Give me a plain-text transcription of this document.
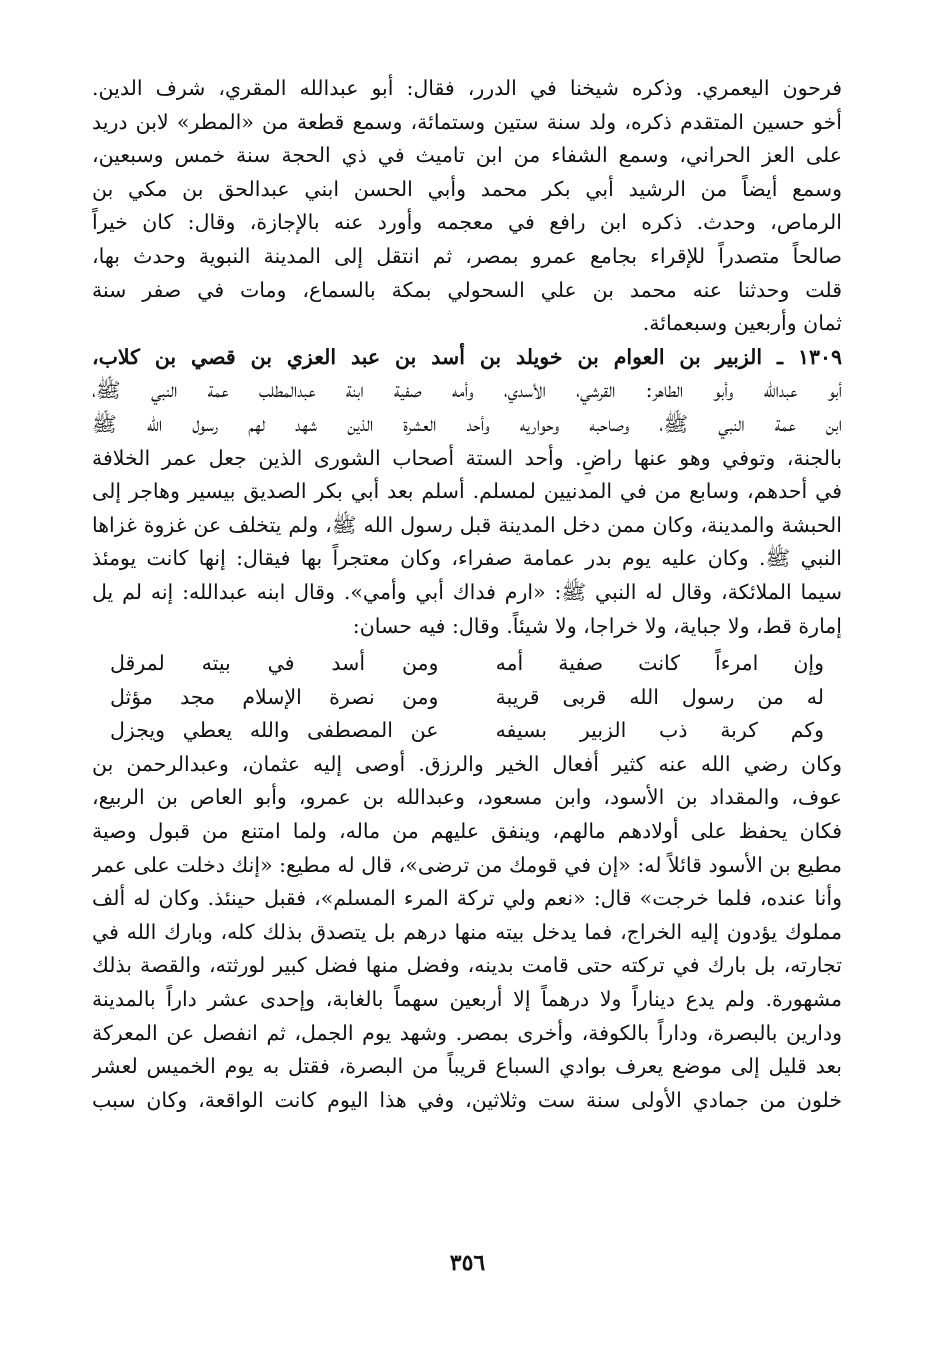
فرحون اليعمري. وذكره شيخنا في الدرر، فقال: أبو عبدالله المقري، شرف الدين.
أخو حسين المتقدم ذكره، ولد سنة ستين وستمائة، وسمع قطعة من «المطر» لابن دريد
على العز الحراني، وسمع الشفاء من ابن تاميث في ذي الحجة سنة خمس وسبعين،
وسمع أيضاً من الرشيد أبي بكر محمد وأبي الحسن ابني عبدالحق بن مكي بن
الرماص، وحدث. ذكره ابن رافع في معجمه وأورد عنه بالإجازة، وقال: كان خيراً
صالحاً متصدراً للإقراء بجامع عمرو بمصر، ثم انتقل إلى المدينة النبوية وحدث بها،
قلت وحدثنا عنه محمد بن علي السحولي بمكة بالسماع، ومات في صفر سنة
ثمان وأربعين وسبعمائة.
١٣٠٩ ـ الزبير بن العوام بن خويلد بن أسد بن عبد العزي بن قصي بن كلاب،
أبو عبدالله وأبو الطاهر: القرشي، الأسدي، وأمه صفية ابنة عبدالمطلب عمة النبي ﷺ،
ابن عمة النبي ﷺ، وصاحبه وحواريه وأحد العشرة الذين شهد لهم رسول الله ﷺ
بالجنة، وتوفي وهو عنها راضٍ. وأحد الستة أصحاب الشورى الذين جعل عمر الخلافة
في أحدهم، وسابع من في المدنيين لمسلم. أسلم بعد أبي بكر الصديق بيسير وهاجر إلى
الحبشة والمدينة، وكان ممن دخل المدينة قبل رسول الله ﷺ، ولم يتخلف عن غزوة غزاها
النبي ﷺ. وكان عليه يوم بدر عمامة صفراء، وكان معتجراً بها فيقال: إنها كانت يومئذ
سيما الملائكة، وقال له النبي ﷺ: «ارم فداك أبي وأمي». وقال ابنه عبدالله: إنه لم يل
إمارة قط، ولا جباية، ولا خراجا، ولا شيئاً. وقال: فيه حسان:
وإن امرءاً كانت صفية أمه
ومن أسد في بيته لمرقل
له من رسول الله قربى قريبة
ومن نصرة الإسلام مجد مؤثل
وكم كربة ذب الزبير بسيفه
عن المصطفى والله يعطي ويجزل
وكان رضي الله عنه كثير أفعال الخير والرزق. أوصى إليه عثمان، وعبدالرحمن بن
عوف، والمقداد بن الأسود، وابن مسعود، وعبدالله بن عمرو، وأبو العاص بن الربيع،
فكان يحفظ على أولادهم مالهم، وينفق عليهم من ماله، ولما امتنع من قبول وصية
مطيع بن الأسود قائلاً له: «إن في قومك من ترضى»، قال له مطيع: «إنك دخلت على عمر
وأنا عنده، فلما خرجت» قال: «نعم ولي تركة المرء المسلم»، فقبل حينئذ. وكان له ألف
مملوك يؤدون إليه الخراج، فما يدخل بيته منها درهم بل يتصدق بذلك كله، وبارك الله في
تجارته، بل بارك في تركته حتى قامت بدينه، وفضل منها فضل كبير لورثته، والقصة بذلك
مشهورة. ولم يدع ديناراً ولا درهماً إلا أربعين سهماً بالغابة، وإحدى عشر داراً بالمدينة
ودارين بالبصرة، وداراً بالكوفة، وأخرى بمصر. وشهد يوم الجمل، ثم انفصل عن المعركة
بعد قليل إلى موضع يعرف بوادي السباع قريباً من البصرة، فقتل به يوم الخميس لعشر
خلون من جمادي الأولى سنة ست وثلاثين، وفي هذا اليوم كانت الواقعة، وكان سبب
٣٥٦
